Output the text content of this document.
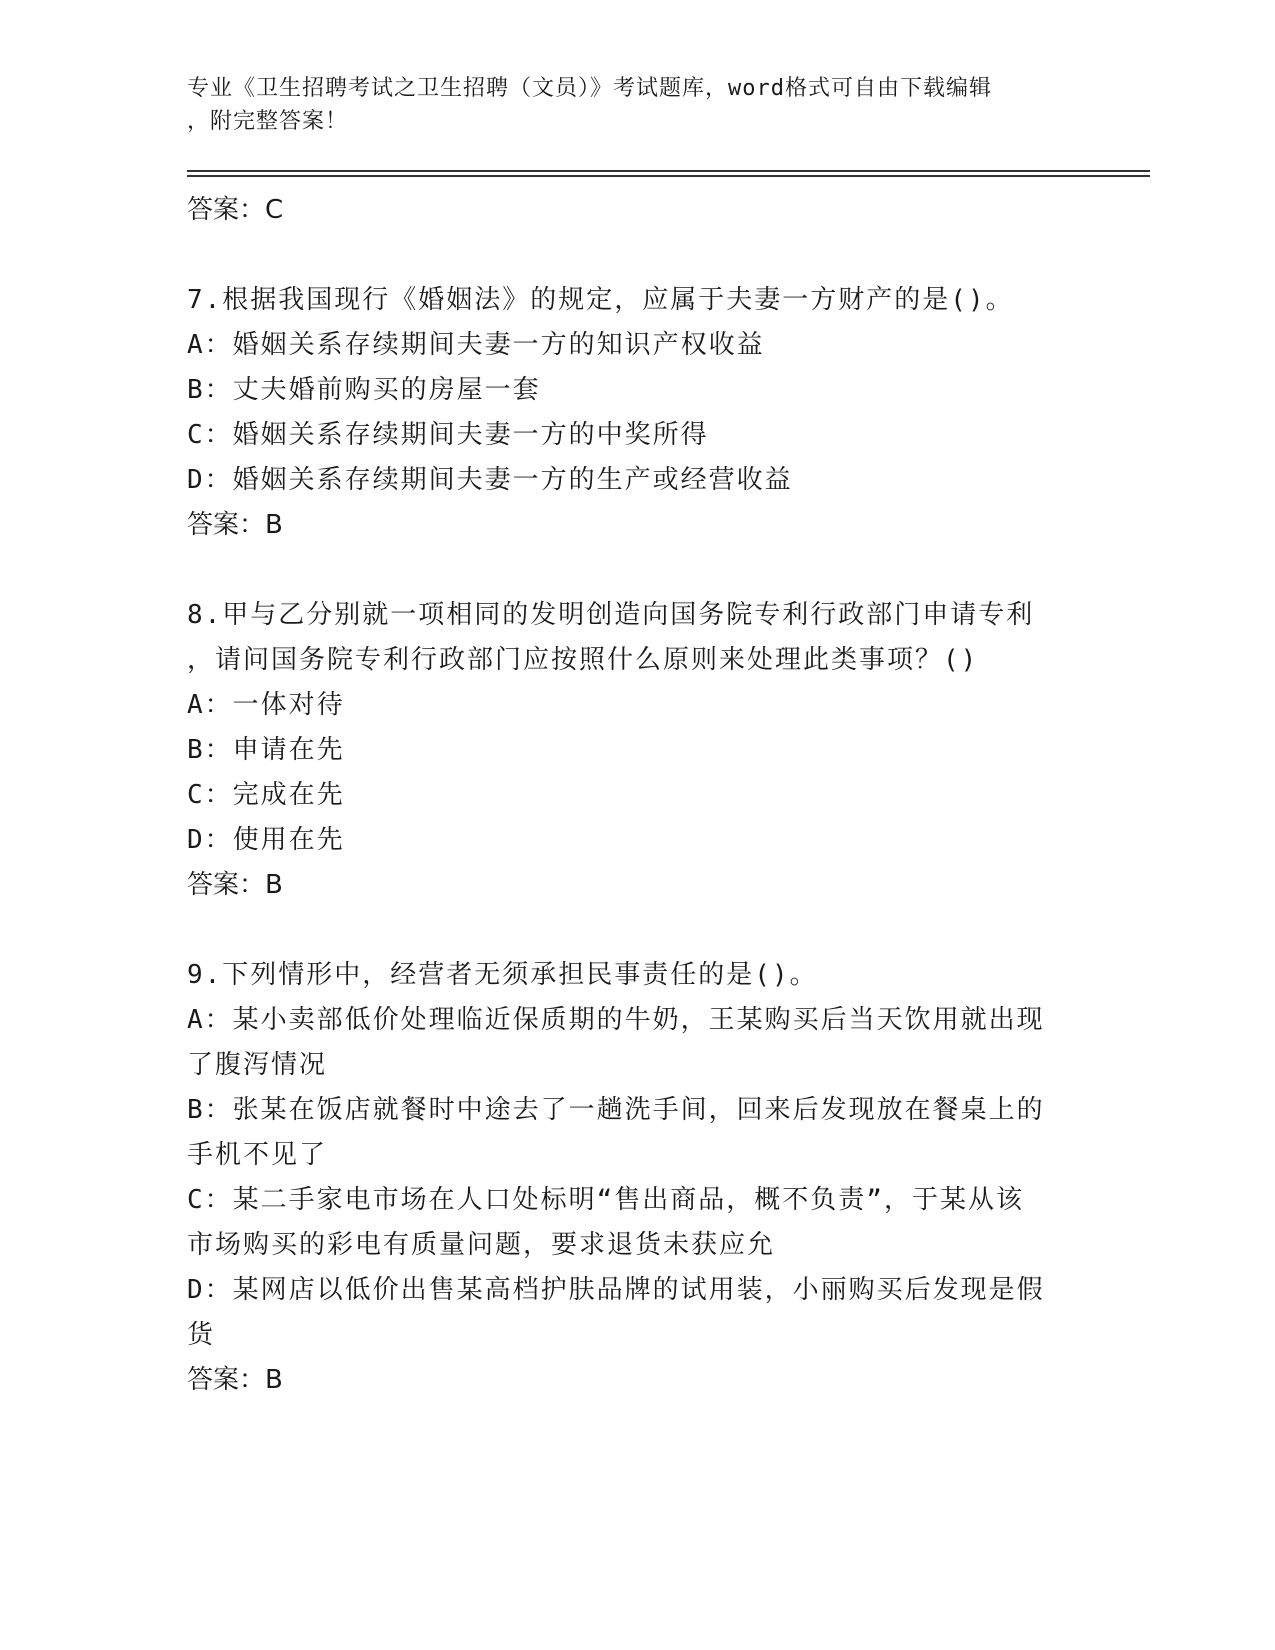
专业《卫生招聘考试之卫生招聘（文员）》考试题库，word格式可自由下载编辑
，附完整答案！
答案：C
7.根据我国现行《婚姻法》的规定，应属于夫妻一方财产的是()。
A：婚姻关系存续期间夫妻一方的知识产权收益
B：丈夫婚前购买的房屋一套
C：婚姻关系存续期间夫妻一方的中奖所得
D：婚姻关系存续期间夫妻一方的生产或经营收益
答案：B
8.甲与乙分别就一项相同的发明创造向国务院专利行政部门申请专利
，请问国务院专利行政部门应按照什么原则来处理此类事项？()
A：一体对待
B：申请在先
C：完成在先
D：使用在先
答案：B
9.下列情形中，经营者无须承担民事责任的是()。
A：某小卖部低价处理临近保质期的牛奶，王某购买后当天饮用就出现
了腹泻情况
B：张某在饭店就餐时中途去了一趟洗手间，回来后发现放在餐桌上的
手机不见了
C：某二手家电市场在人口处标明“售出商品，概不负责”，于某从该
市场购买的彩电有质量问题，要求退货未获应允
D：某网店以低价出售某高档护肤品牌的试用装，小丽购买后发现是假
货
答案：B
